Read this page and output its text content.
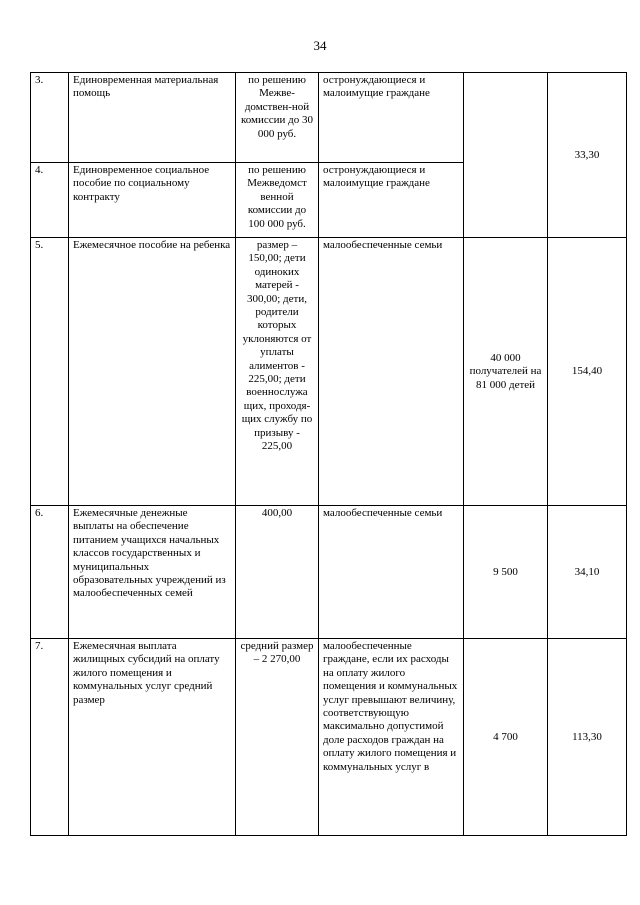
34
3.	Единовременная материальная помощь	по решению Межве-домствен-ной комиссии до 30 000 руб.	остронуждающиеся и малоимущие граждане		33,30
4.	Единовременное социальное пособие по социальному контракту	по решению Межведомст венной комиссии до 100 000 руб.	остронуждающиеся и малоимущие граждане		
5.	Ежемесячное пособие на ребенка	размер – 150,00; дети одиноких матерей - 300,00; дети, родители которых уклоняются от уплаты алиментов - 225,00; дети военнослужа щих, проходя-щих службу по призыву - 225,00	малообеспеченные семьи	40 000 получателей на 81 000 детей	154,40
6.	Ежемесячные денежные выплаты на обеспечение питанием учащихся начальных классов государственных и муниципальных образовательных учреждений из малообеспеченных семей	400,00	малообеспеченные семьи	9 500	34,10
7.	Ежемесячная выплата жилищных субсидий на оплату жилого помещения и коммунальных услуг средний размер	средний размер – 2 270,00	малообеспеченные граждане, если их расходы на оплату жилого помещения и коммунальных услуг превышают величину, соответствующую максимально допустимой доле расходов граждан на оплату жилого помещения и коммунальных услуг в	4 700	113,30
